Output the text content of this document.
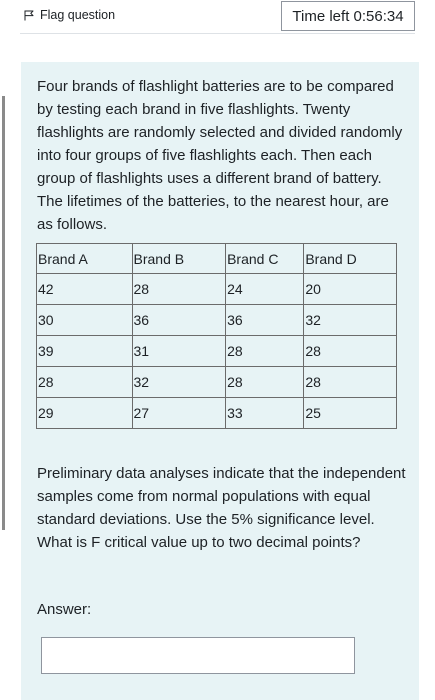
Flag question	Time left 0:56:34
Four brands of flashlight batteries are to be compared by testing each brand in five flashlights. Twenty flashlights are randomly selected and divided randomly into four groups of five flashlights each. Then each group of flashlights uses a different brand of battery. The lifetimes of the batteries, to the nearest hour, are as follows.
Brand A	Brand B	Brand C	Brand D
42	28	24	20
30	36	36	32
39	31	28	28
28	32	28	28
29	27	33	25
Preliminary data analyses indicate that the independent samples come from normal populations with equal standard deviations. Use the 5% significance level. What is F critical value up to two decimal points?
Answer:
